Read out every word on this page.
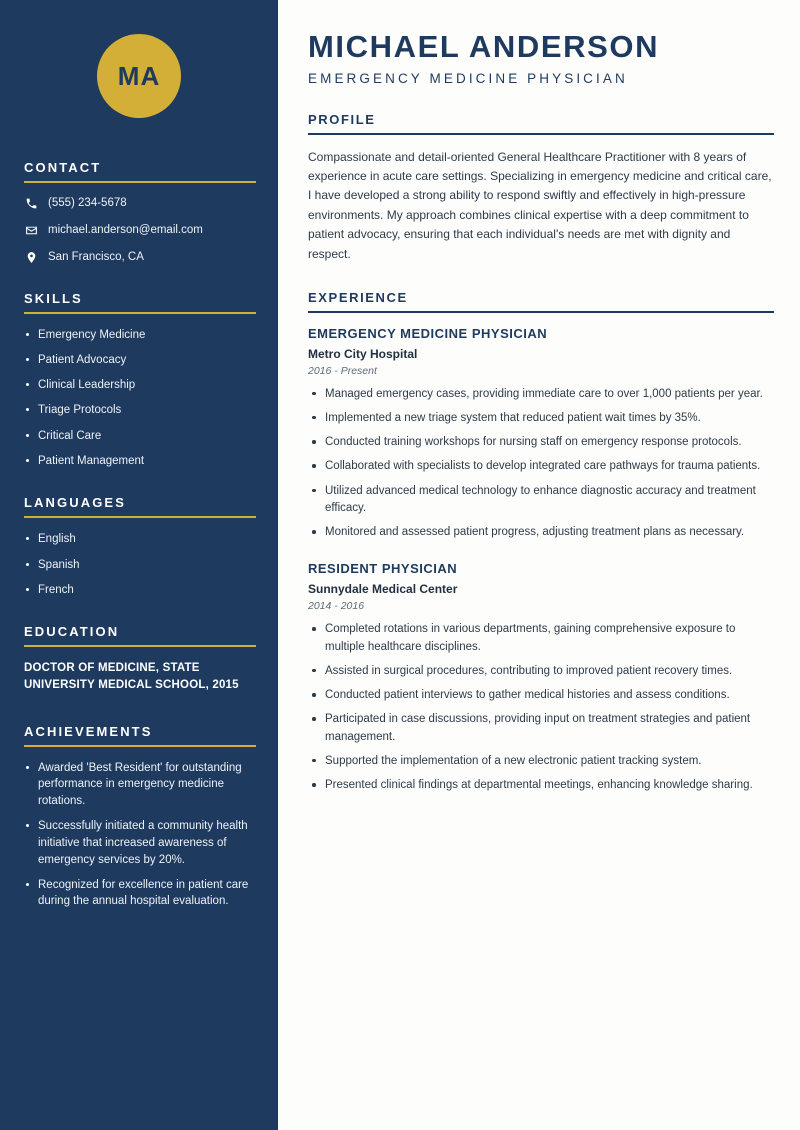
MA
CONTACT
(555) 234-5678
michael.anderson@email.com
San Francisco, CA
SKILLS
Emergency Medicine
Patient Advocacy
Clinical Leadership
Triage Protocols
Critical Care
Patient Management
LANGUAGES
English
Spanish
French
EDUCATION
DOCTOR OF MEDICINE, STATE UNIVERSITY MEDICAL SCHOOL, 2015
ACHIEVEMENTS
Awarded 'Best Resident' for outstanding performance in emergency medicine rotations.
Successfully initiated a community health initiative that increased awareness of emergency services by 20%.
Recognized for excellence in patient care during the annual hospital evaluation.
MICHAEL ANDERSON
EMERGENCY MEDICINE PHYSICIAN
PROFILE

Compassionate and detail-oriented General Healthcare Practitioner with 8 years of experience in acute care settings. Specializing in emergency medicine and critical care, I have developed a strong ability to respond swiftly and effectively in high-pressure environments. My approach combines clinical expertise with a deep commitment to patient advocacy, ensuring that each individual's needs are met with dignity and respect.

EXPERIENCE
EMERGENCY MEDICINE PHYSICIAN
Metro City Hospital
2016 - Present
Managed emergency cases, providing immediate care to over 1,000 patients per year.
Implemented a new triage system that reduced patient wait times by 35%.
Conducted training workshops for nursing staff on emergency response protocols.
Collaborated with specialists to develop integrated care pathways for trauma patients.
Utilized advanced medical technology to enhance diagnostic accuracy and treatment efficacy.
Monitored and assessed patient progress, adjusting treatment plans as necessary.
RESIDENT PHYSICIAN
Sunnydale Medical Center
2014 - 2016
Completed rotations in various departments, gaining comprehensive exposure to multiple healthcare disciplines.
Assisted in surgical procedures, contributing to improved patient recovery times.
Conducted patient interviews to gather medical histories and assess conditions.
Participated in case discussions, providing input on treatment strategies and patient management.
Supported the implementation of a new electronic patient tracking system.
Presented clinical findings at departmental meetings, enhancing knowledge sharing.
